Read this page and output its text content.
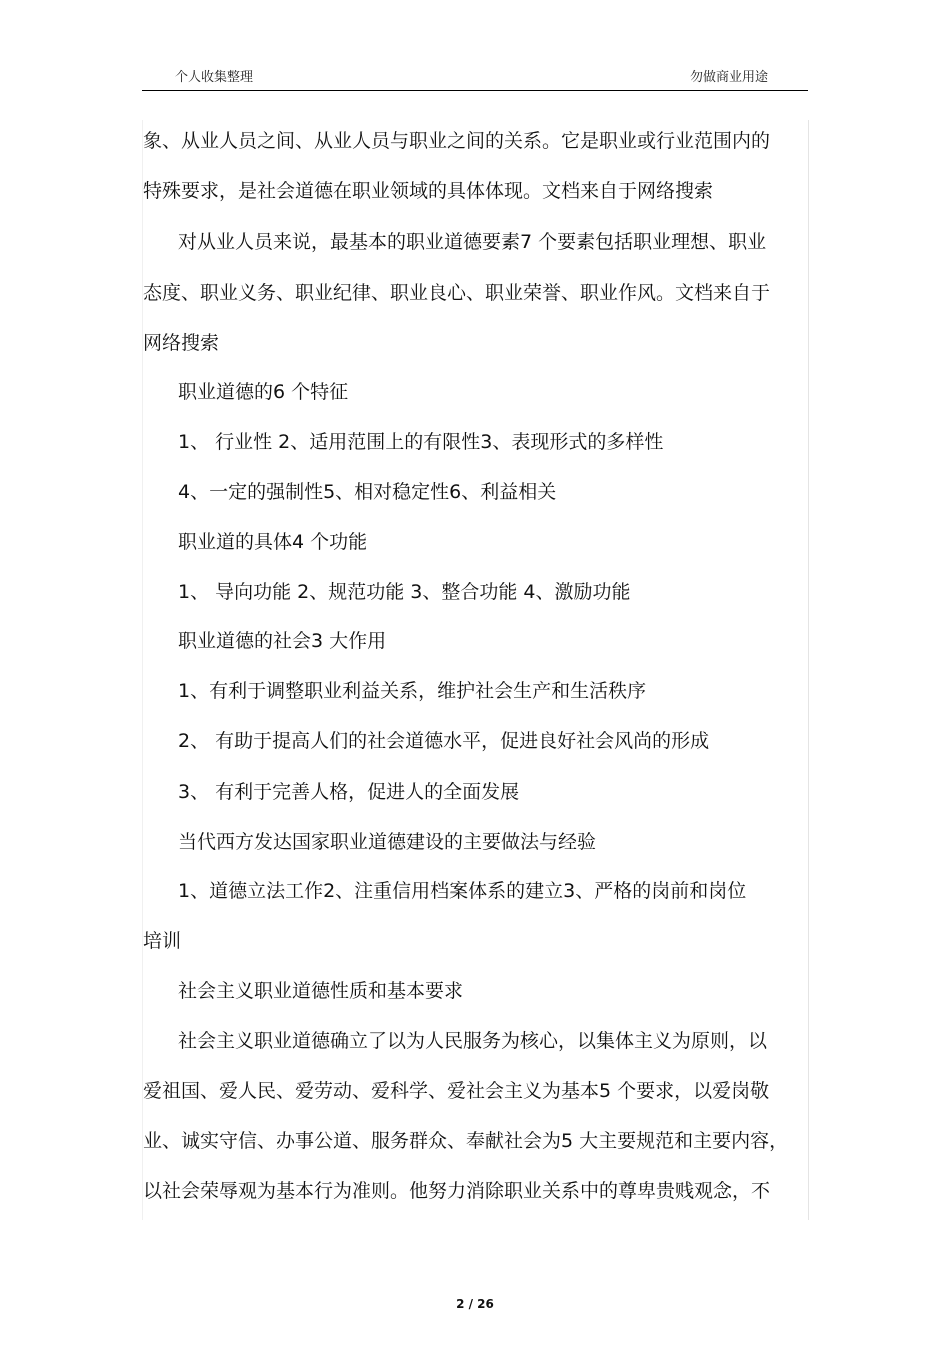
个人收集整理	勿做商业用途
象、从业人员之间、从业人员与职业之间的关系。它是职业或行业范围内的
特殊要求，是社会道德在职业领域的具体体现。文档来自于网络搜索
对从业人员来说，最基本的职业道德要素7 个要素包括职业理想、职业
态度、职业义务、职业纪律、职业良心、职业荣誉、职业作风。文档来自于
网络搜索
职业道德的6 个特征
1、 行业性 2、适用范围上的有限性3、表现形式的多样性
4、一定的强制性5、相对稳定性6、利益相关
职业道的具体4 个功能
1、 导向功能 2、规范功能 3、整合功能 4、激励功能
职业道德的社会3 大作用
1、有利于调整职业利益关系，维护社会生产和生活秩序
2、 有助于提高人们的社会道德水平，促进良好社会风尚的形成
3、 有利于完善人格，促进人的全面发展
当代西方发达国家职业道德建设的主要做法与经验
1、道德立法工作2、注重信用档案体系的建立3、严格的岗前和岗位
培训
社会主义职业道德性质和基本要求
社会主义职业道德确立了以为人民服务为核心，以集体主义为原则，以
爱祖国、爱人民、爱劳动、爱科学、爱社会主义为基本5 个要求，以爱岗敬
业、诚实守信、办事公道、服务群众、奉献社会为5 大主要规范和主要内容，
以社会荣辱观为基本行为准则。他努力消除职业关系中的尊卑贵贱观念，不
2 / 26
